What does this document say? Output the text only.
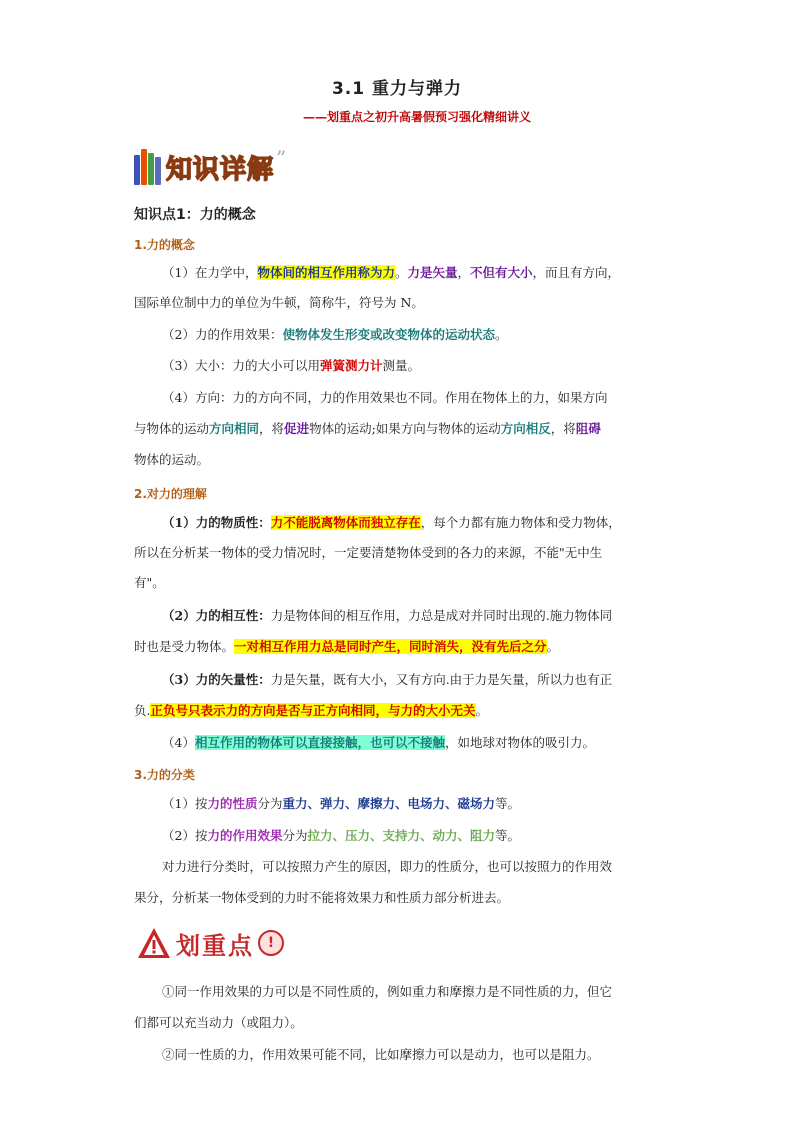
3.1 重力与弹力
——划重点之初升高暑假预习强化精细讲义
知识详解 ”
知识点1：力的概念
1.力的概念
（1）在力学中，物体间的相互作用称为力。力是矢量，不但有大小，而且有方向，
国际单位制中力的单位为牛顿，简称牛，符号为 N。
（2）力的作用效果：使物体发生形变或改变物体的运动状态。
（3）大小：力的大小可以用弹簧测力计测量。
（4）方向：力的方向不同，力的作用效果也不同。作用在物体上的力，如果方向
与物体的运动方向相同，将促进物体的运动;如果方向与物体的运动方向相反，将阻碍
物体的运动。
2.对力的理解
（1）力的物质性：力不能脱离物体而独立存在，每个力都有施力物体和受力物体，
所以在分析某一物体的受力情况时，一定要清楚物体受到的各力的来源，不能"无中生
有"。
（2）力的相互性：力是物体间的相互作用，力总是成对并同时出现的.施力物体同
时也是受力物体。一对相互作用力总是同时产生，同时消失，没有先后之分。
（3）力的矢量性：力是矢量，既有大小，又有方向.由于力是矢量，所以力也有正
负.正负号只表示力的方向是否与正方向相同，与力的大小无关。
（4）相互作用的物体可以直接接触，也可以不接触，如地球对物体的吸引力。
3.力的分类
（1）按力的性质分为重力、弹力、摩擦力、电场力、磁场力等。
（2）按力的作用效果分为拉力、压力、支持力、动力、阻力等。
对力进行分类时，可以按照力产生的原因，即力的性质分，也可以按照力的作用效
果分，分析某一物体受到的力时不能将效果力和性质力部分析进去。
划重点 !
①同一作用效果的力可以是不同性质的，例如重力和摩擦力是不同性质的力，但它
们都可以充当动力（或阻力）。
②同一性质的力，作用效果可能不同，比如摩擦力可以是动力，也可以是阻力。
